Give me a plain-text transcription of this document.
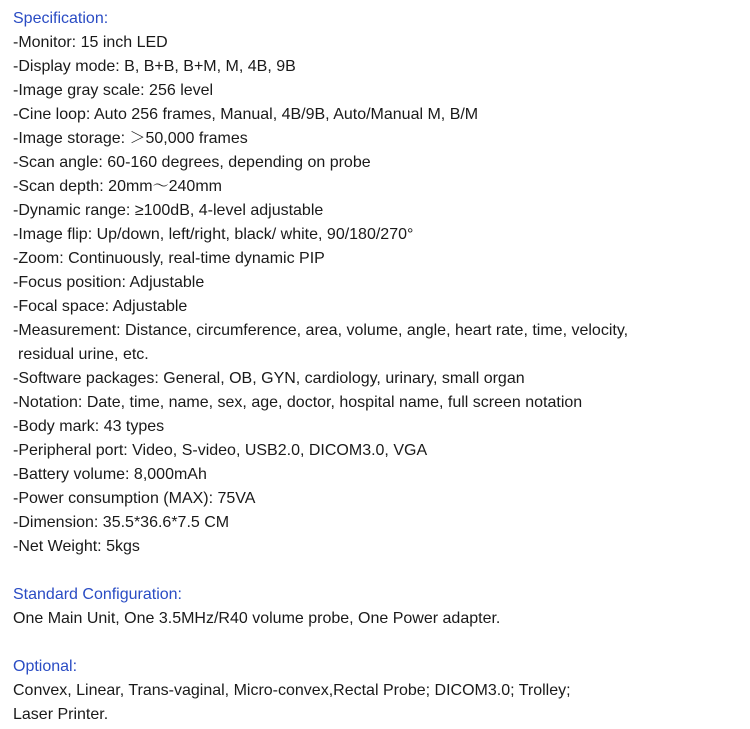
Specification:
-Monitor: 15 inch LED
-Display mode: B, B+B, B+M, M, 4B, 9B
-Image gray scale: 256 level
-Cine loop: Auto 256 frames, Manual, 4B/9B, Auto/Manual M, B/M
-Image storage: ＞50,000 frames
-Scan angle: 60-160 degrees, depending on probe
-Scan depth: 20mm～240mm
-Dynamic range: ≥100dB, 4-level adjustable
-Image flip: Up/down, left/right, black/ white, 90/180/270°
-Zoom: Continuously, real-time dynamic PIP
-Focus position: Adjustable
-Focal space: Adjustable
-Measurement: Distance, circumference, area, volume, angle, heart rate, time, velocity,
residual urine, etc.
-Software packages: General, OB, GYN, cardiology, urinary, small organ
-Notation: Date, time, name, sex, age, doctor, hospital name, full screen notation
-Body mark: 43 types
-Peripheral port: Video, S-video, USB2.0, DICOM3.0, VGA
-Battery volume: 8,000mAh
-Power consumption (MAX): 75VA
-Dimension: 35.5*36.6*7.5 CM
-Net Weight: 5kgs
Standard Configuration:
One Main Unit, One 3.5MHz/R40 volume probe, One Power adapter.
Optional:
Convex, Linear, Trans-vaginal, Micro-convex,Rectal Probe; DICOM3.0; Trolley;
Laser Printer.
